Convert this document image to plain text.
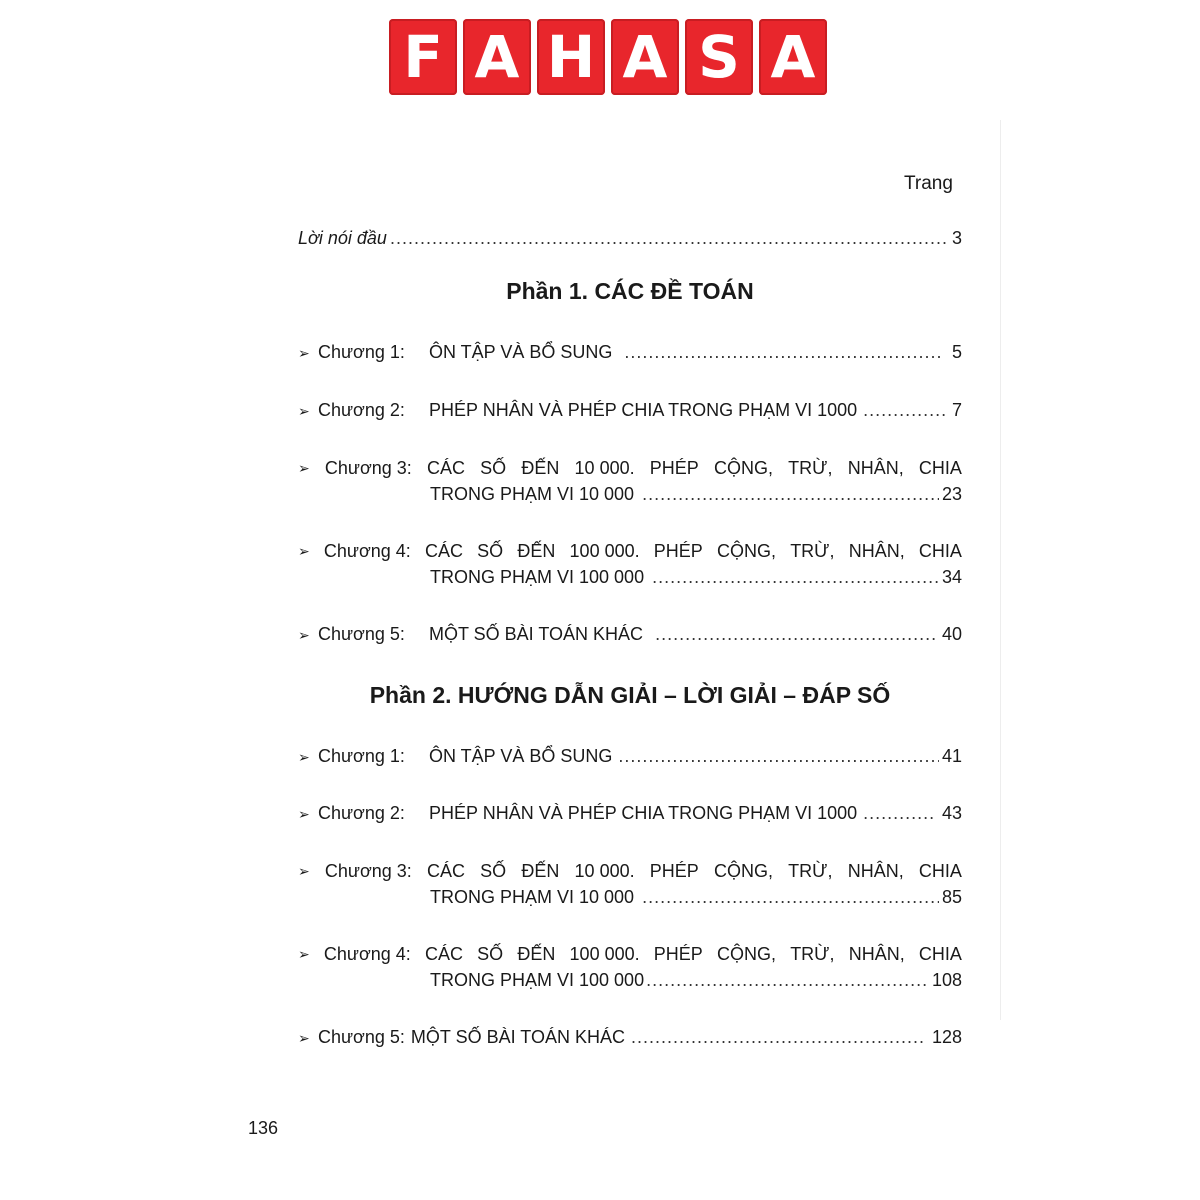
F A H A S A
Trang
Lời nói đầu .....	3
Phần 1. CÁC ĐỀ TOÁN
➢ Chương 1:	ÔN TẬP VÀ BỔ SUNG .....	5
➢ Chương 2:	PHÉP NHÂN VÀ PHÉP CHIA TRONG PHẠM VI 1000 .....	7
➢ Chương 3: CÁC SỐ ĐẾN 10 000. PHÉP CỘNG, TRỪ, NHÂN, CHIA
TRONG PHẠM VI 10 000 .....	23
➢ Chương 4: CÁC SỐ ĐẾN 100 000. PHÉP CỘNG, TRỪ, NHÂN, CHIA
TRONG PHẠM VI 100 000 .....	34
➢ Chương 5:	MỘT SỐ BÀI TOÁN KHÁC .....	40
Phần 2. HƯỚNG DẪN GIẢI – LỜI GIẢI – ĐÁP SỐ
➢ Chương 1:	ÔN TẬP VÀ BỔ SUNG .....	41
➢ Chương 2:	PHÉP NHÂN VÀ PHÉP CHIA TRONG PHẠM VI 1000 .....	43
➢ Chương 3: CÁC SỐ ĐẾN 10 000. PHÉP CỘNG, TRỪ, NHÂN, CHIA
TRONG PHẠM VI 10 000 .....	85
➢ Chương 4: CÁC SỐ ĐẾN 100 000. PHÉP CỘNG, TRỪ, NHÂN, CHIA
TRONG PHẠM VI 100 000 .....	108
➢ Chương 5: MỘT SỐ BÀI TOÁN KHÁC .....	128
136
